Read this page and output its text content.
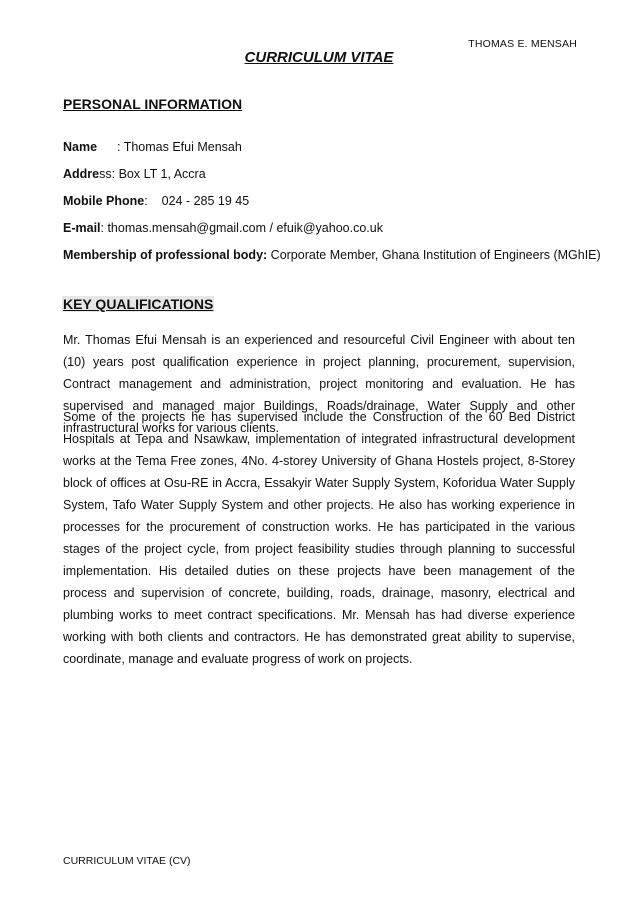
THOMAS E. MENSAH
CURRICULUM VITAE
PERSONAL INFORMATION
Name : Thomas Efui Mensah
Address: Box LT 1, Accra
Mobile Phone:    024 - 285 19 45
E-mail: thomas.mensah@gmail.com / efuik@yahoo.co.uk
Membership of professional body: Corporate Member, Ghana Institution of Engineers (MGhIE)
KEY QUALIFICATIONS

Mr. Thomas Efui Mensah is an experienced and resourceful Civil Engineer with about ten (10) years post qualification experience in project planning, procurement, supervision, Contract management and administration, project monitoring and evaluation. He has supervised and managed major Buildings, Roads/drainage, Water Supply and other infrastructural works for various clients.

Some of the projects he has supervised include the Construction of the 60 Bed District Hospitals at Tepa and Nsawkaw, implementation of integrated infrastructural development works at the Tema Free zones, 4No. 4-storey University of Ghana Hostels project, 8-Storey block of offices at Osu-RE in Accra, Essakyir Water Supply System, Koforidua Water Supply System, Tafo Water Supply System and other projects. He also has working experience in processes for the procurement of construction works. He has participated in the various stages of the project cycle, from project feasibility studies through planning to successful implementation. His detailed duties on these projects have been management of the process and supervision of concrete, building, roads, drainage, masonry, electrical and plumbing works to meet contract specifications. Mr. Mensah has had diverse experience working with both clients and contractors. He has demonstrated great ability to supervise, coordinate, manage and evaluate progress of work on projects.

CURRICULUM VITAE (CV)
